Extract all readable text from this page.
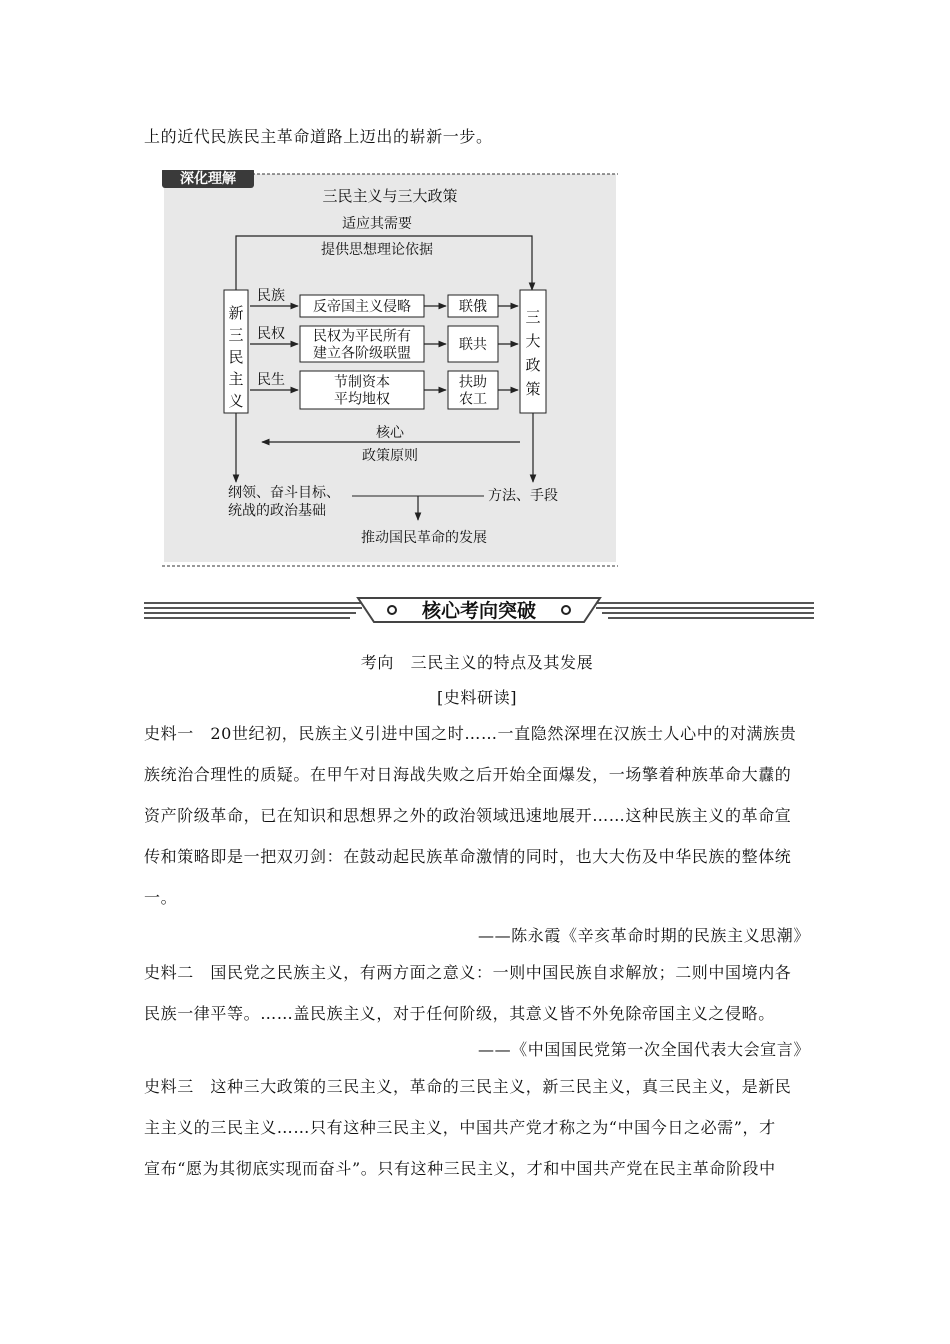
上的近代民族民主革命道路上迈出的崭新一步。
深化理解
三民主义与三大政策
适应其需要
提供思想理论依据
新
三
民
主
义
三
大
政
策
民族
反帝国主义侵略	联俄
民权 民权为平民所有
建立各阶级联盟
联共
民生	节制资本
平均地权
扶助
农工
核心
政策原则
纲领、奋斗目标、
统战的政治基础
方法、手段
推动国民革命的发展
核心考向突破
考向　三民主义的特点及其发展
[史料研读]
史料一　20世纪初，民族主义引进中国之时……一直隐然深埋在汉族士人心中的对满族贵
族统治合理性的质疑。在甲午对日海战失败之后开始全面爆发，一场擎着种族革命大纛的
资产阶级革命，已在知识和思想界之外的政治领域迅速地展开……这种民族主义的革命宣
传和策略即是一把双刃剑：在鼓动起民族革命激情的同时，也大大伤及中华民族的整体统
一。
——陈永霞《辛亥革命时期的民族主义思潮》
史料二　国民党之民族主义，有两方面之意义：一则中国民族自求解放；二则中国境内各
民族一律平等。……盖民族主义，对于任何阶级，其意义皆不外免除帝国主义之侵略。
——《中国国民党第一次全国代表大会宣言》
史料三　这种三大政策的三民主义，革命的三民主义，新三民主义，真三民主义，是新民
主主义的三民主义……只有这种三民主义，中国共产党才称之为“中国今日之必需”，才
宣布“愿为其彻底实现而奋斗”。只有这种三民主义，才和中国共产党在民主革命阶段中
